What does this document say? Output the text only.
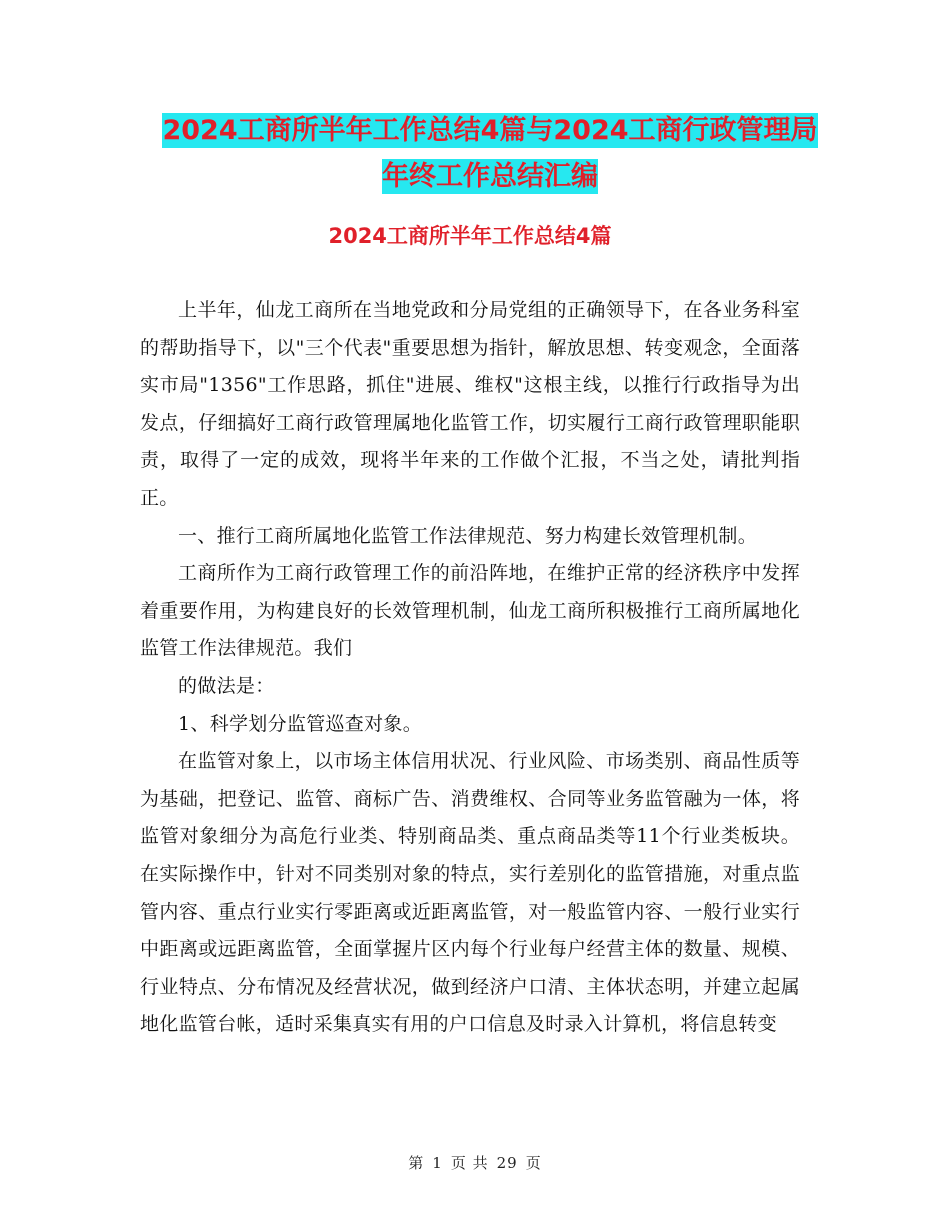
2024工商所半年工作总结4篇与2024工商行政管理局
年终工作总结汇编
2024工商所半年工作总结4篇

上半年，仙龙工商所在当地党政和分局党组的正确领导下，在各业务科室的帮助指导下，以"三个代表"重要思想为指针，解放思想、转变观念，全面落实市局"1356"工作思路，抓住"进展、维权"这根主线，以推行行政指导为出发点，仔细搞好工商行政管理属地化监管工作，切实履行工商行政管理职能职责，取得了一定的成效，现将半年来的工作做个汇报，不当之处，请批判指正。

一、推行工商所属地化监管工作法律规范、努力构建长效管理机制。

工商所作为工商行政管理工作的前沿阵地，在维护正常的经济秩序中发挥着重要作用，为构建良好的长效管理机制，仙龙工商所积极推行工商所属地化监管工作法律规范。我们

的做法是：

1、科学划分监管巡查对象。

在监管对象上，以市场主体信用状况、行业风险、市场类别、商品性质等为基础，把登记、监管、商标广告、消费维权、合同等业务监管融为一体，将监管对象细分为高危行业类、特别商品类、重点商品类等11个行业类板块。在实际操作中，针对不同类别对象的特点，实行差别化的监管措施，对重点监管内容、重点行业实行零距离或近距离监管，对一般监管内容、一般行业实行中距离或远距离监管，全面掌握片区内每个行业每户经营主体的数量、规模、行业特点、分布情况及经营状况，做到经济户口清、主体状态明，并建立起属地化监管台帐，适时采集真实有用的户口信息及时录入计算机，将信息转变

第 1 页 共 29 页
